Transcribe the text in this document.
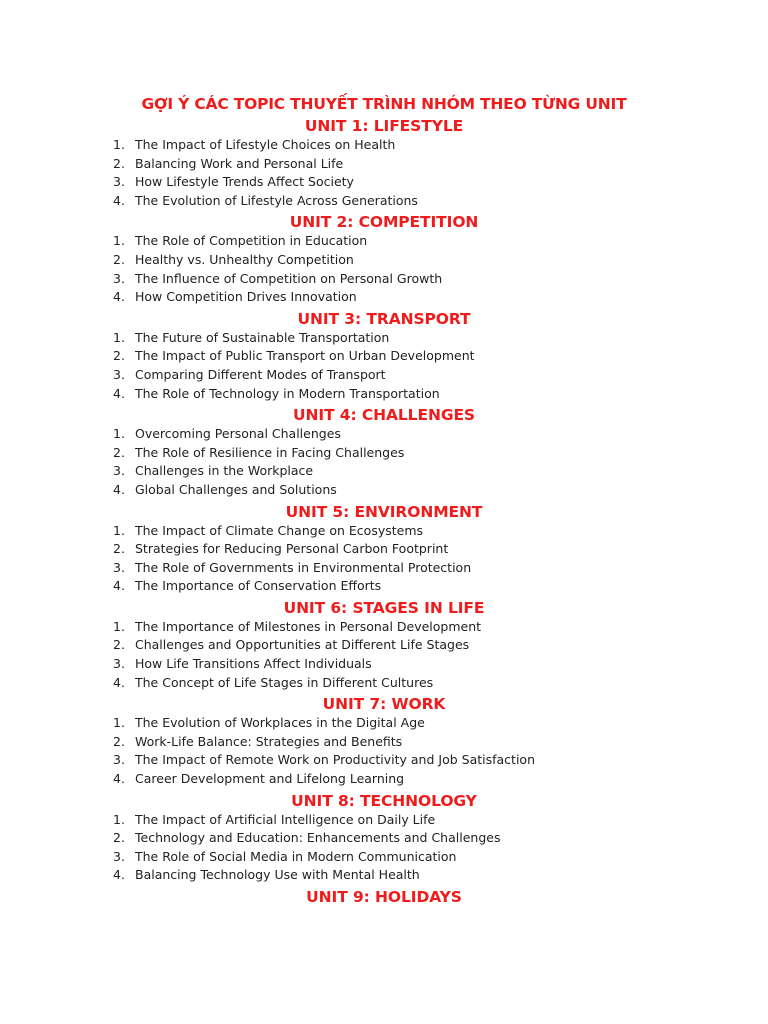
GỢI Ý CÁC TOPIC THUYẾT TRÌNH NHÓM THEO TỪNG UNIT
UNIT 1: LIFESTYLE
1. The Impact of Lifestyle Choices on Health
2. Balancing Work and Personal Life
3. How Lifestyle Trends Affect Society
4. The Evolution of Lifestyle Across Generations
UNIT 2: COMPETITION
1. The Role of Competition in Education
2. Healthy vs. Unhealthy Competition
3. The Influence of Competition on Personal Growth
4. How Competition Drives Innovation
UNIT 3: TRANSPORT
1. The Future of Sustainable Transportation
2. The Impact of Public Transport on Urban Development
3. Comparing Different Modes of Transport
4. The Role of Technology in Modern Transportation
UNIT 4: CHALLENGES
1. Overcoming Personal Challenges
2. The Role of Resilience in Facing Challenges
3. Challenges in the Workplace
4. Global Challenges and Solutions
UNIT 5: ENVIRONMENT
1. The Impact of Climate Change on Ecosystems
2. Strategies for Reducing Personal Carbon Footprint
3. The Role of Governments in Environmental Protection
4. The Importance of Conservation Efforts
UNIT 6: STAGES IN LIFE
1. The Importance of Milestones in Personal Development
2. Challenges and Opportunities at Different Life Stages
3. How Life Transitions Affect Individuals
4. The Concept of Life Stages in Different Cultures
UNIT 7: WORK
1. The Evolution of Workplaces in the Digital Age
2. Work-Life Balance: Strategies and Benefits
3. The Impact of Remote Work on Productivity and Job Satisfaction
4. Career Development and Lifelong Learning
UNIT 8: TECHNOLOGY
1. The Impact of Artificial Intelligence on Daily Life
2. Technology and Education: Enhancements and Challenges
3. The Role of Social Media in Modern Communication
4. Balancing Technology Use with Mental Health
UNIT 9: HOLIDAYS
